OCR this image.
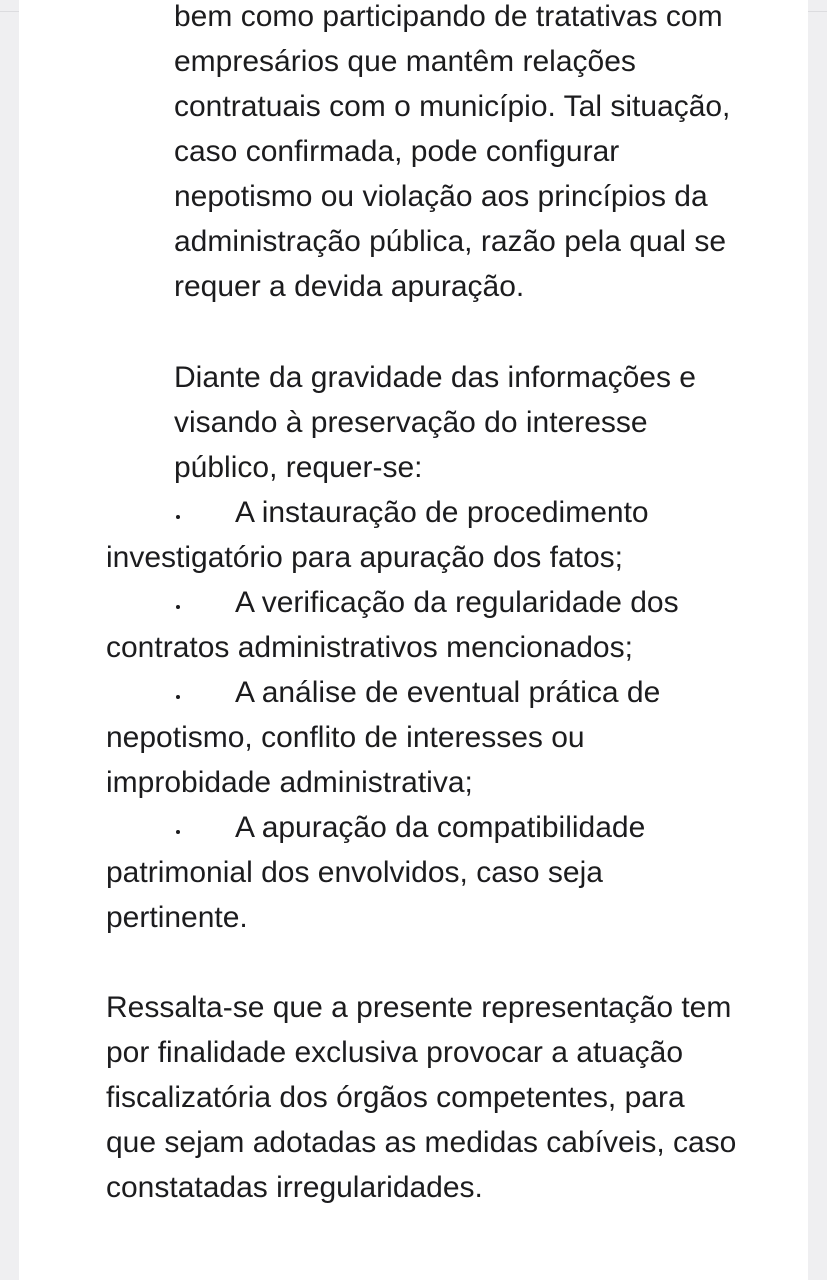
bem como participando de tratativas com
empresários que mantêm relações
contratuais com o município. Tal situação,
caso confirmada, pode configurar
nepotismo ou violação aos princípios da
administração pública, razão pela qual se
requer a devida apuração.
Diante da gravidade das informações e
visando à preservação do interesse
público, requer-se:
A instauração de procedimento
investigatório para apuração dos fatos;
A verificação da regularidade dos
contratos administrativos mencionados;
A análise de eventual prática de
nepotismo, conflito de interesses ou
improbidade administrativa;
A apuração da compatibilidade
patrimonial dos envolvidos, caso seja
pertinente.
Ressalta-se que a presente representação tem
por finalidade exclusiva provocar a atuação
fiscalizatória dos órgãos competentes, para
que sejam adotadas as medidas cabíveis, caso
constatadas irregularidades.
